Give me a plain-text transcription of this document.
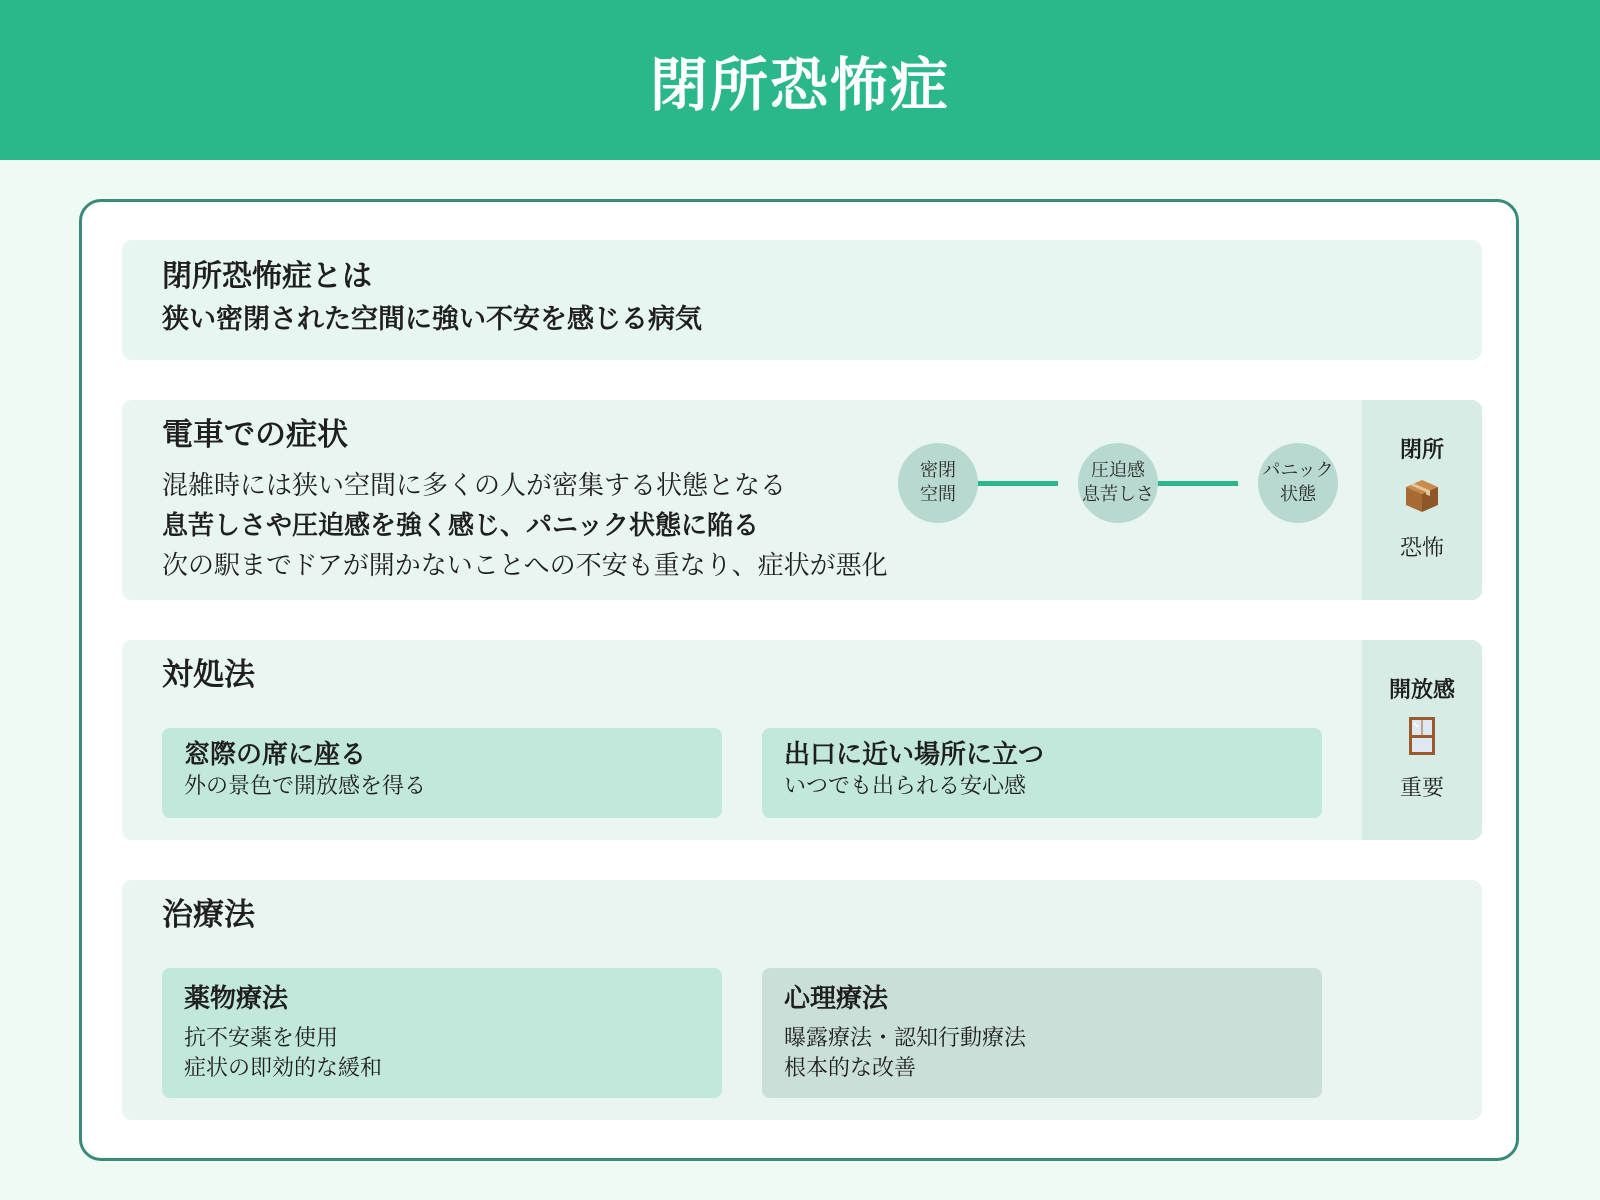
閉所恐怖症
閉所恐怖症とは
狭い密閉された空間に強い不安を感じる病気
電車での症状
混雑時には狭い空間に多くの人が密集する状態となる
息苦しさや圧迫感を強く感じ、パニック状態に陥る
次の駅までドアが開かないことへの不安も重なり、症状が悪化
密閉
空間
圧迫感
息苦しさ
パニック
状態
閉所
恐怖
対処法
窓際の席に座る
外の景色で開放感を得る
出口に近い場所に立つ
いつでも出られる安心感
開放感
重要
治療法
薬物療法
抗不安薬を使用
症状の即効的な緩和
心理療法
曝露療法・認知行動療法
根本的な改善
